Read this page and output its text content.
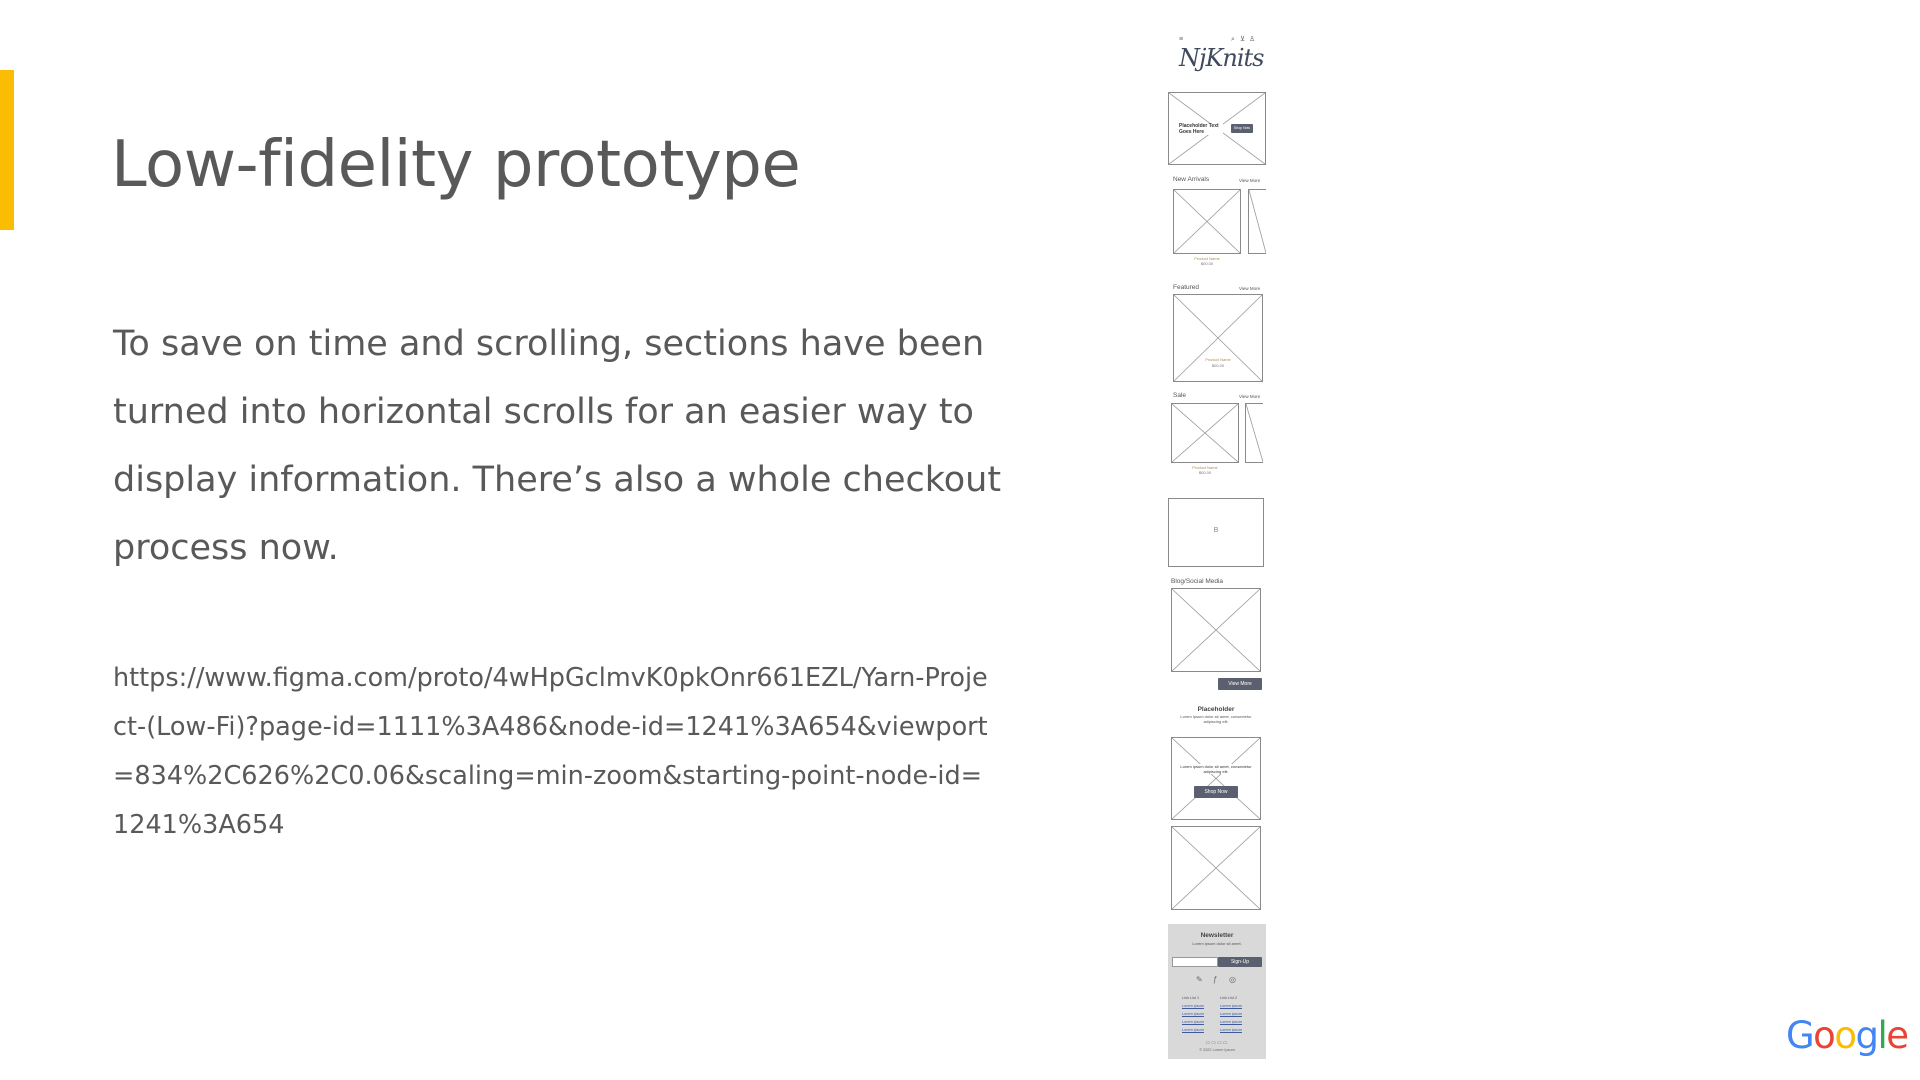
Low-fidelity prototype

To save on time and scrolling, sections have been turned into horizontal scrolls for an easier way to display information. There’s also a whole checkout process now.

https://www.figma.com/proto/4wHpGclmvK0pkOnr661EZL/Yarn-Project-(Low-Fi)?page-id=1111%3A486&node-id=1241%3A654&viewport=834%2C626%2C0.06&scaling=min-zoom&starting-point-node-id=1241%3A654

≡	⌕ ⊻ ♙
NjKnits
Placeholder Text Goes Here
Shop Now
New Arrivals	View More
Product Name
$00.00
Featured	View More
Product Name
$00.00
Sale	View More
Product Name
$00.00
B
Blog/Social Media
View More
Placeholder
Lorem ipsum dolor sit amet, consectetur adipiscing elit.
Lorem ipsum dolor sit amet, consectetur adipiscing elit.
Shop Now
Newsletter
Lorem ipsum dolor sit amet.
Sign-Up
✎ ƒ ◎
Link List 1
Lorem ipsum
Lorem ipsum
Lorem ipsum
Lorem ipsum
Link List 2
Lorem ipsum
Lorem ipsum
Lorem ipsum
Lorem ipsum
▭▭▭▭
© 2022 Lorem Ipsum	Google
